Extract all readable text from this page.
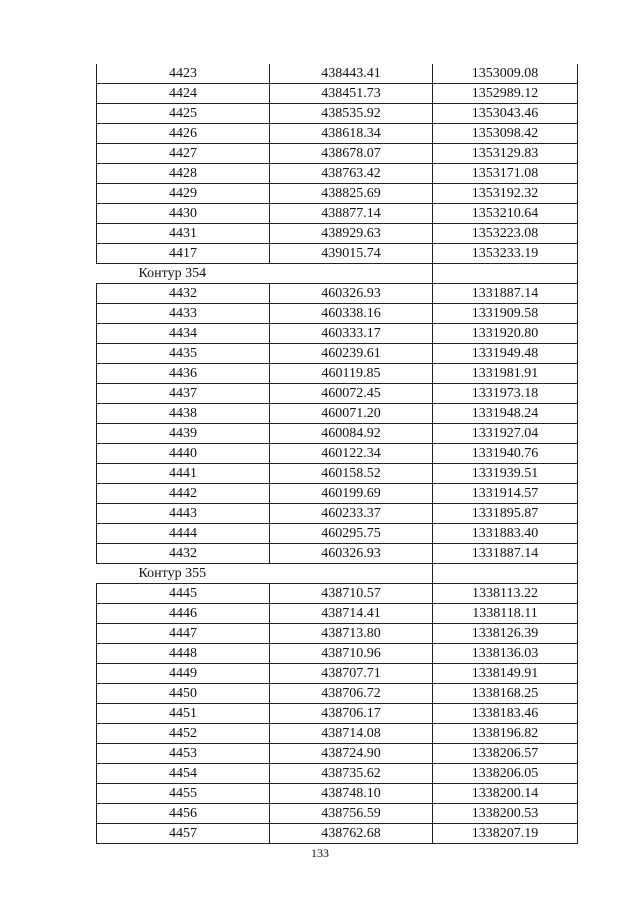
4423	438443.41	1353009.08
4424	438451.73	1352989.12
4425	438535.92	1353043.46
4426	438618.34	1353098.42
4427	438678.07	1353129.83
4428	438763.42	1353171.08
4429	438825.69	1353192.32
4430	438877.14	1353210.64
4431	438929.63	1353223.08
4417	439015.74	1353233.19
Контур 354		
4432	460326.93	1331887.14
4433	460338.16	1331909.58
4434	460333.17	1331920.80
4435	460239.61	1331949.48
4436	460119.85	1331981.91
4437	460072.45	1331973.18
4438	460071.20	1331948.24
4439	460084.92	1331927.04
4440	460122.34	1331940.76
4441	460158.52	1331939.51
4442	460199.69	1331914.57
4443	460233.37	1331895.87
4444	460295.75	1331883.40
4432	460326.93	1331887.14
Контур 355		
4445	438710.57	1338113.22
4446	438714.41	1338118.11
4447	438713.80	1338126.39
4448	438710.96	1338136.03
4449	438707.71	1338149.91
4450	438706.72	1338168.25
4451	438706.17	1338183.46
4452	438714.08	1338196.82
4453	438724.90	1338206.57
4454	438735.62	1338206.05
4455	438748.10	1338200.14
4456	438756.59	1338200.53
4457	438762.68	1338207.19
133
